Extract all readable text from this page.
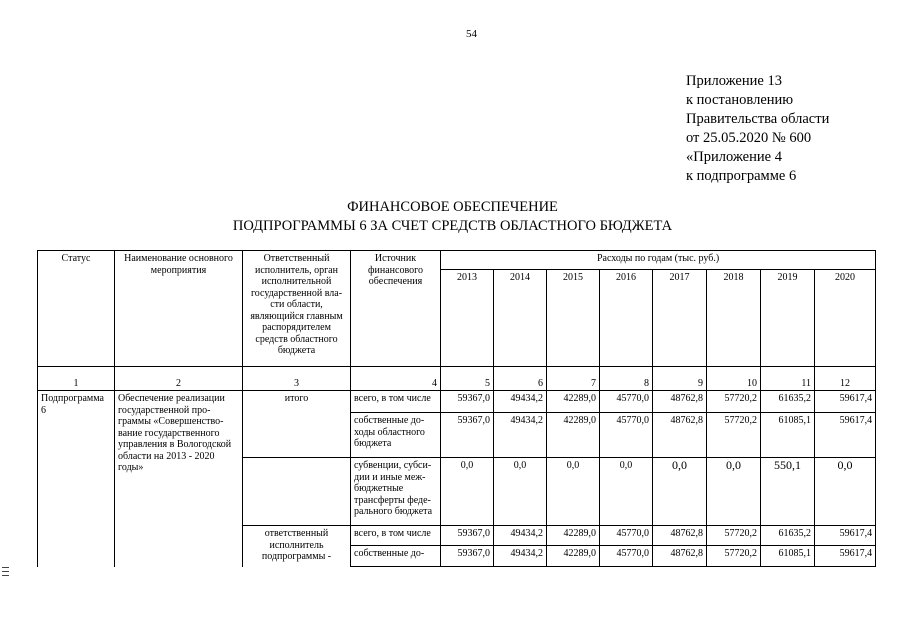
54
Приложение 13
к постановлению
Правительства области
от 25.05.2020 № 600
«Приложение 4
к подпрограмме 6
ФИНАНСОВОЕ ОБЕСПЕЧЕНИЕ
ПОДПРОГРАММЫ 6 ЗА СЧЕТ СРЕДСТВ ОБЛАСТНОГО БЮДЖЕТА
Статус	Наименование основного мероприятия	Ответственный исполнитель, орган исполнительной государственной вла-сти области, являющийся главным распорядителем средств областного бюджета	Источник финансового обеспечения	Расходы по годам (тыс. руб.)							
				2013	2014	2015	2016	2017	2018	2019	2020
1	2	3	4	5	6	7	8	9	10	11	12
Подпрограмма 6	Обеспечение реализации государственной про-граммы «Совершенство-вание государственного управления в Вологодской области на 2013 - 2020 годы»	итого	всего, в том числе	59367,0	49434,2	42289,0	45770,0	48762,8	57720,2	61635,2	59617,4
			собственные до-ходы областного бюджета	59367,0	49434,2	42289,0	45770,0	48762,8	57720,2	61085,1	59617,4
			субвенции, субси-дии и иные меж-бюджетные трансферты феде-рального бюджета	0,0	0,0	0,0	0,0	0,0	0,0	550,1	0,0
		ответственный исполнитель подпрограммы -	всего, в том числе	59367,0	49434,2	42289,0	45770,0	48762,8	57720,2	61635,2	59617,4
			собственные до-	59367,0	49434,2	42289,0	45770,0	48762,8	57720,2	61085,1	59617,4
